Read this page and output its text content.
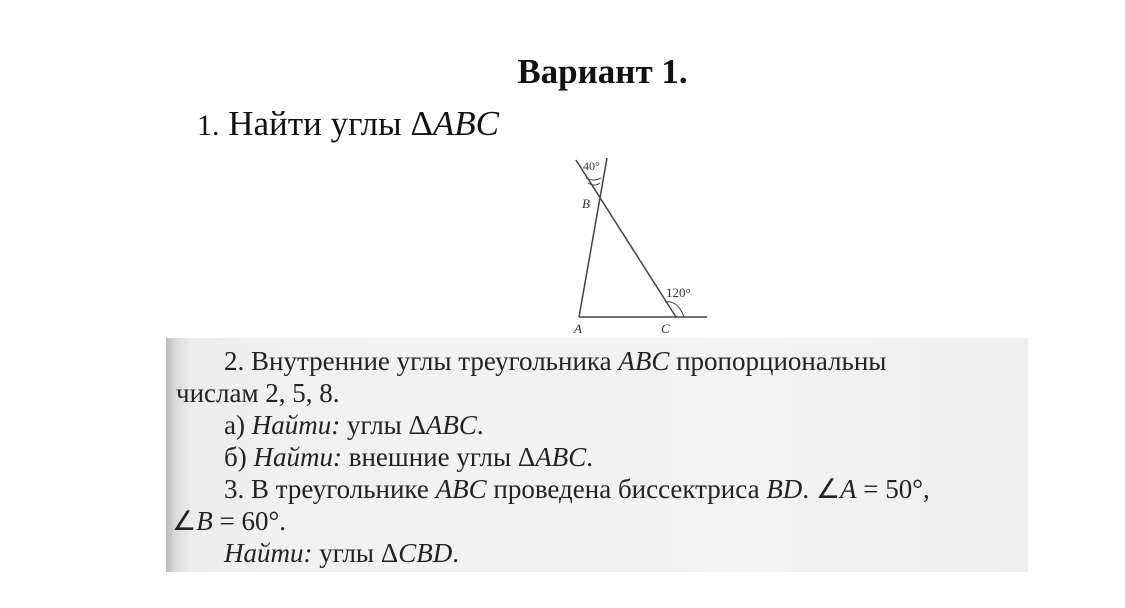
Вариант 1.
1. Найти углы ΔABC
40°
120°
B
A	C
2. Внутренние углы треугольника ABC пропорциональны
числам 2, 5, 8.
а) Найти: углы ΔABC.
б) Найти: внешние углы ΔABC.
3. В треугольнике ABC проведена биссектриса BD. ∠A = 50°,
∠B = 60°.
Найти: углы ΔCBD.
